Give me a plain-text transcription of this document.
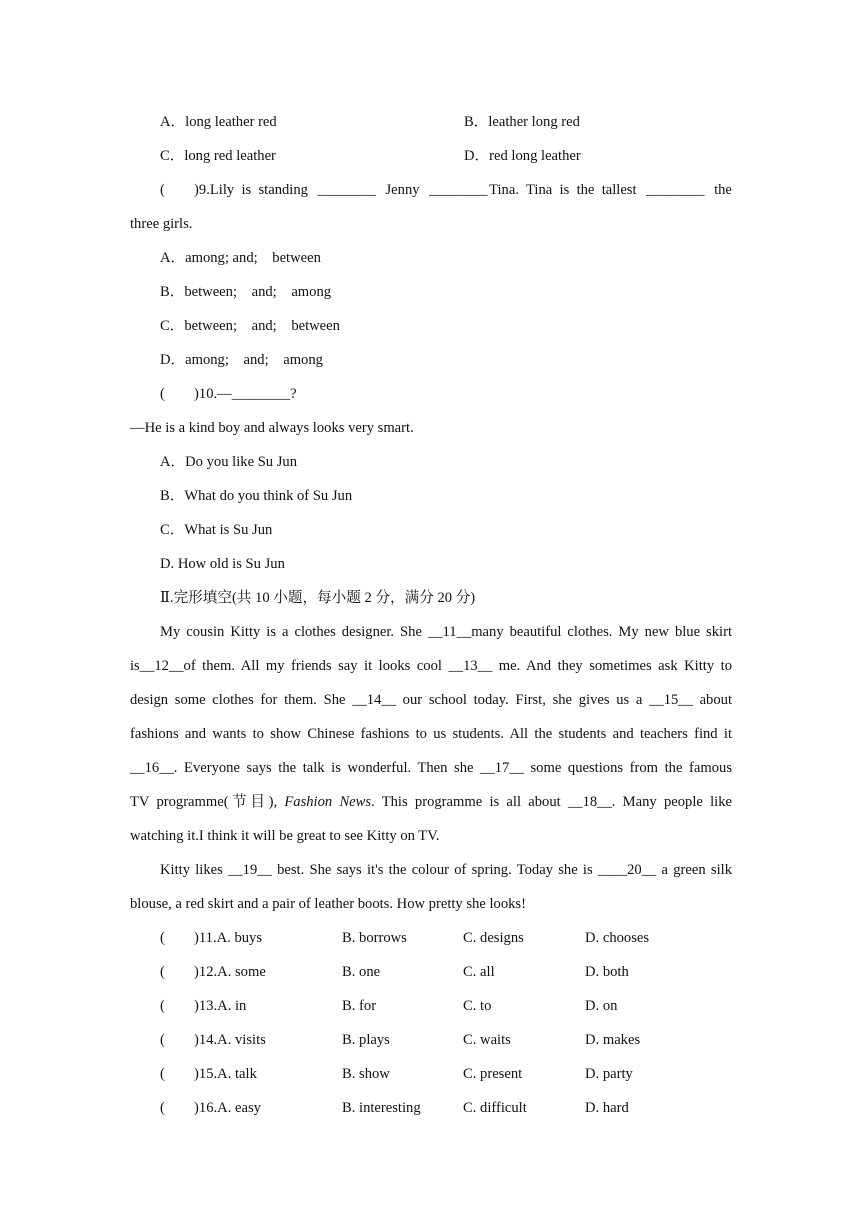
A．long leather red	B．leather long red
C．long red leather	D．red long leather
(        )9.Lily  is  standing ________ Jenny ________ Tina.  Tina  is  the  tallest ________ the
three girls.
A．among; and;    between
B．between;    and;    among
C．between;    and;    between
D．among;    and;    among
(        )10.—________?
—He is a kind boy and always looks very smart.
A．Do you like Su Jun
B．What do you think of Su Jun
C．What is Su Jun
D. How old is Su Jun
Ⅱ.完形填空(共 10 小题，每小题 2 分，满分 20 分)
My cousin Kitty is a clothes designer. She __11__many beautiful clothes. My new blue skirt
is__12__of them. All my friends say it looks cool __13__ me. And they sometimes ask Kitty to
design some clothes for them. She __14__ our school today. First, she gives us a __15__ about
fashions and wants to show Chinese fashions to us students. All the students and teachers find it
__16__. Everyone says the talk is wonderful. Then she __17__ some questions from the famous
TV programme(节目), Fashion News. This programme is all about __18__. Many people like
watching it.I think it will be great to see Kitty on TV.
Kitty likes __19__ best. She says it's the colour of spring. Today she is ____20__ a green silk
blouse, a red skirt and a pair of leather boots. How pretty she looks!
(        )11.A. buys	B. borrows	C. designs	D. chooses
(        )12.A. some	B. one	C. all	D. both
(        )13.A. in	B. for	C. to	D. on
(        )14.A. visits	B. plays	C. waits	D. makes
(        )15.A. talk	B. show	C. present	D. party
(        )16.A. easy	B. interesting	C. difficult	D. hard
